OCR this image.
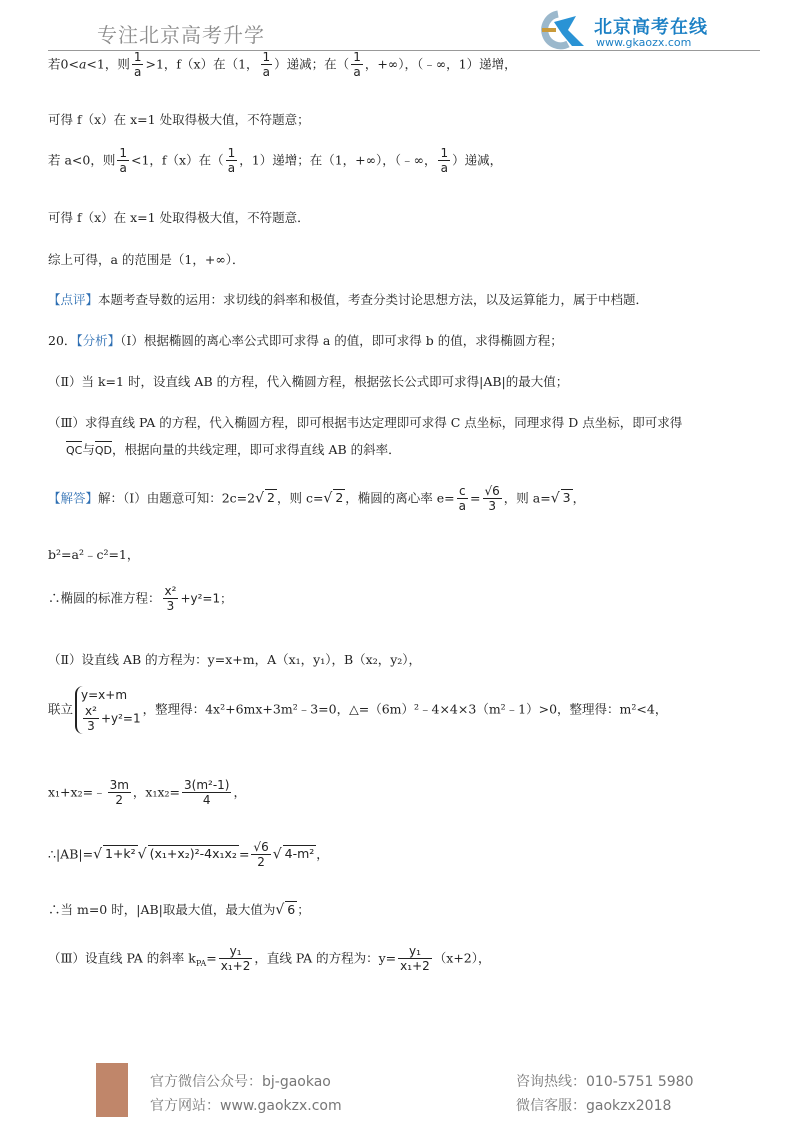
专注北京高考升学	北京高考在线
www.gkaozx.com
若0<a<1，则 $\frac{1}{a} >1$，f（x）在（1， $\frac{1}{a}$ ）递减；在（ $\frac{1}{a}$ ，+∞），（﹣∞，1）递增，
可得 f（x）在 x=1 处取得极大值，不符题意；
若 a<0，则 $\frac{1}{a} <1$，f（x）在（ $\frac{1}{a}$ ，1）递增；在（1，+∞），（﹣∞， $\frac{1}{a}$ ）递减，
可得 f（x）在 x=1 处取得极大值，不符题意．
综上可得，a 的范围是（1，+∞）．
【点评】本题考查导数的运用：求切线的斜率和极值，考查分类讨论思想方法，以及运算能力，属于中档题．
20．【分析】（Ⅰ）根据椭圆的离心率公式即可求得 a 的值，即可求得 b 的值，求得椭圆方程；
（Ⅱ）当 k=1 时，设直线 AB 的方程，代入椭圆方程，根据弦长公式即可求得|AB|的最大值；
（Ⅲ）求得直线 PA 的方程，代入椭圆方程，即可根据韦达定理即可求得 C 点坐标，同理求得 D 点坐标，即可求得
QC与QD，根据向量的共线定理，即可求得直线 AB 的斜率．
【解答】解：（Ⅰ）由题意可知：2c=2√ 2 ，则 c=√ 2 ，椭圆的离心率 $e= \frac{c}{a} = \frac{√6}{3}$ ，则 a=√ 3 ，
b²=a²﹣c²=1，
∴椭圆的标准方程： $\frac{\text{x²}}{3} +y^2=1$；
（Ⅱ）设直线 AB 的方程为：y=x+m，A（x₁，y₁），B（x₂，y₂），
联立
y=x+m
$\frac{\text{x²}}{3} +y^2=1$
，整理得：4x²+6mx+3m²﹣3=0，△=（6m）²﹣4×4×3（m²﹣1）>0，整理得：m²<4，
x₁+x₂=﹣ $\frac{3m}{2}$ ，$x_1x_2= \frac{\text{3(m²-1)}}{4}$ ，
∴|AB|=√ 1+k² √ $(x_1+x_2)^2-4x_1x_2 = \frac{√6}{2}$ √ 4-m² ，
∴当 m=0 时，|AB|取最大值，最大值为√ 6 ；
（Ⅲ）设直线 PA 的斜率 $k_{PA}= \frac{\text{y₁}}{\text{x₁+2}}$ ，直线 PA 的方程为：$y= \frac{\text{y₁}}{\text{x₁+2}} (x+2)$，
官方微信公众号：bj-gaokao
官方网站：www.gaokzx.com
咨询热线：010-5751 5980
微信客服：gaokzx2018
